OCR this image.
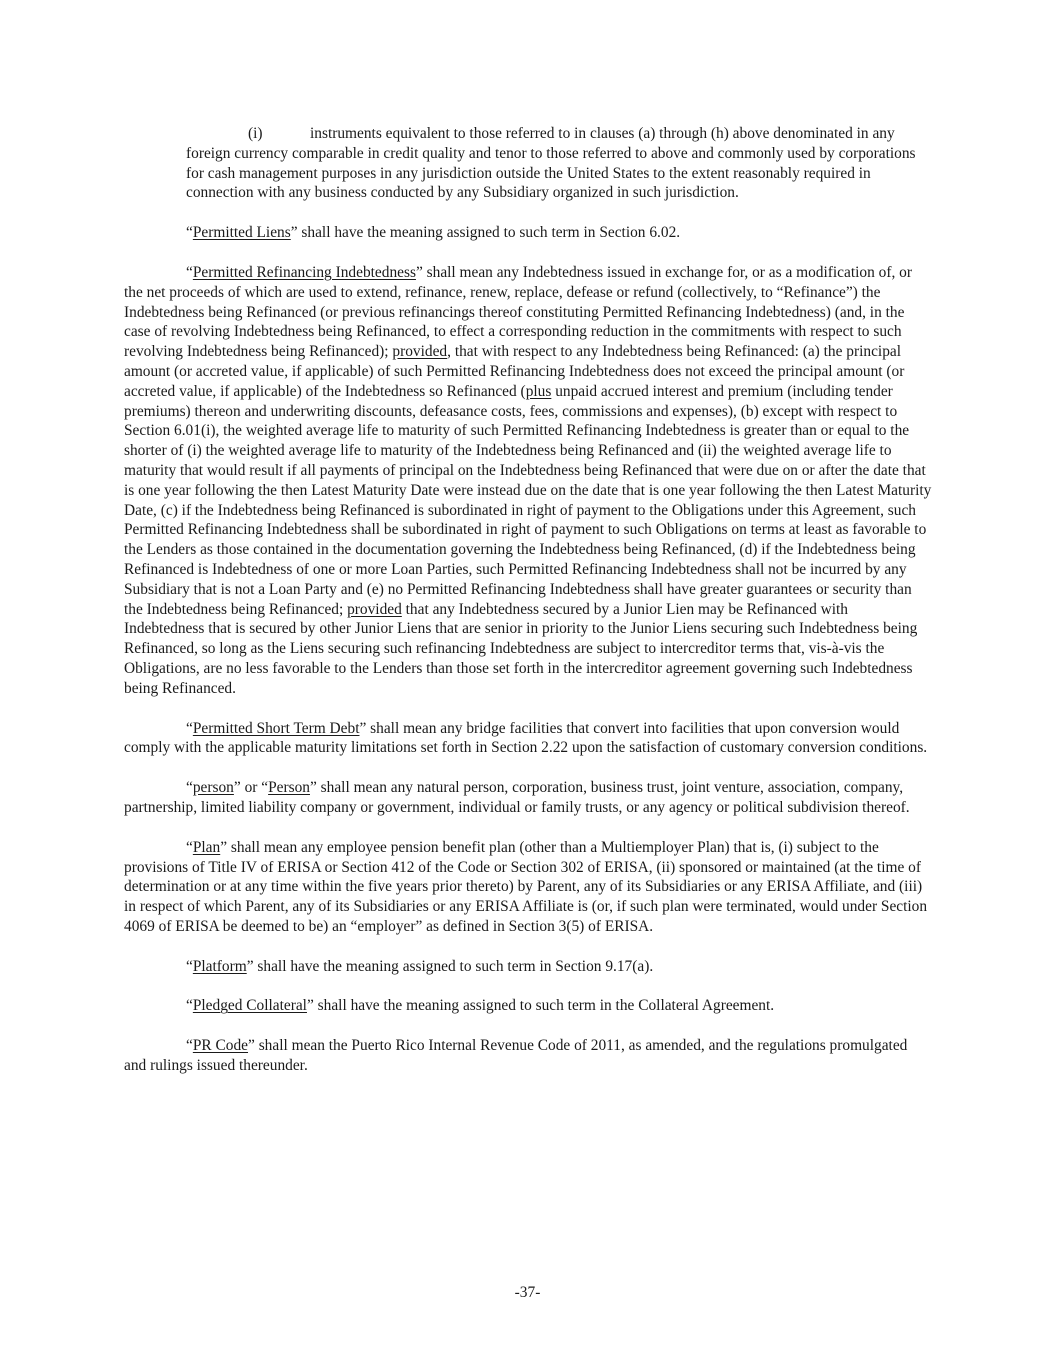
(i)	instruments equivalent to those referred to in clauses (a) through (h) above denominated in any foreign currency comparable in credit quality and tenor to those referred to above and commonly used by corporations for cash management purposes in any jurisdiction outside the United States to the extent reasonably required in connection with any business conducted by any Subsidiary organized in such jurisdiction.

“Permitted Liens” shall have the meaning assigned to such term in Section 6.02.

“Permitted Refinancing Indebtedness” shall mean any Indebtedness issued in exchange for, or as a modification of, or the net proceeds of which are used to extend, refinance, renew, replace, defease or refund (collectively, to “Refinance”) the Indebtedness being Refinanced (or previous refinancings thereof constituting Permitted Refinancing Indebtedness) (and, in the case of revolving Indebtedness being Refinanced, to effect a corresponding reduction in the commitments with respect to such revolving Indebtedness being Refinanced); provided, that with respect to any Indebtedness being Refinanced: (a) the principal amount (or accreted value, if applicable) of such Permitted Refinancing Indebtedness does not exceed the principal amount (or accreted value, if applicable) of the Indebtedness so Refinanced (plus unpaid accrued interest and premium (including tender premiums) thereon and underwriting discounts, defeasance costs, fees, commissions and expenses), (b) except with respect to Section 6.01(i), the weighted average life to maturity of such Permitted Refinancing Indebtedness is greater than or equal to the shorter of (i) the weighted average life to maturity of the Indebtedness being Refinanced and (ii) the weighted average life to maturity that would result if all payments of principal on the Indebtedness being Refinanced that were due on or after the date that is one year following the then Latest Maturity Date were instead due on the date that is one year following the then Latest Maturity Date, (c) if the Indebtedness being Refinanced is subordinated in right of payment to the Obligations under this Agreement, such Permitted Refinancing Indebtedness shall be subordinated in right of payment to such Obligations on terms at least as favorable to the Lenders as those contained in the documentation governing the Indebtedness being Refinanced, (d) if the Indebtedness being Refinanced is Indebtedness of one or more Loan Parties, such Permitted Refinancing Indebtedness shall not be incurred by any Subsidiary that is not a Loan Party and (e) no Permitted Refinancing Indebtedness shall have greater guarantees or security than the Indebtedness being Refinanced; provided that any Indebtedness secured by a Junior Lien may be Refinanced with Indebtedness that is secured by other Junior Liens that are senior in priority to the Junior Liens securing such Indebtedness being Refinanced, so long as the Liens securing such refinancing Indebtedness are subject to intercreditor terms that, vis-à-vis the Obligations, are no less favorable to the Lenders than those set forth in the intercreditor agreement governing such Indebtedness being Refinanced.

“Permitted Short Term Debt” shall mean any bridge facilities that convert into facilities that upon conversion would comply with the applicable maturity limitations set forth in Section 2.22 upon the satisfaction of customary conversion conditions.

“person” or “Person” shall mean any natural person, corporation, business trust, joint venture, association, company, partnership, limited liability company or government, individual or family trusts, or any agency or political subdivision thereof.

“Plan” shall mean any employee pension benefit plan (other than a Multiemployer Plan) that is, (i) subject to the provisions of Title IV of ERISA or Section 412 of the Code or Section 302 of ERISA, (ii) sponsored or maintained (at the time of determination or at any time within the five years prior thereto) by Parent, any of its Subsidiaries or any ERISA Affiliate, and (iii) in respect of which Parent, any of its Subsidiaries or any ERISA Affiliate is (or, if such plan were terminated, would under Section 4069 of ERISA be deemed to be) an “employer” as defined in Section 3(5) of ERISA.

“Platform” shall have the meaning assigned to such term in Section 9.17(a).

“Pledged Collateral” shall have the meaning assigned to such term in the Collateral Agreement.

“PR Code” shall mean the Puerto Rico Internal Revenue Code of 2011, as amended, and the regulations promulgated and rulings issued thereunder.

-37-
